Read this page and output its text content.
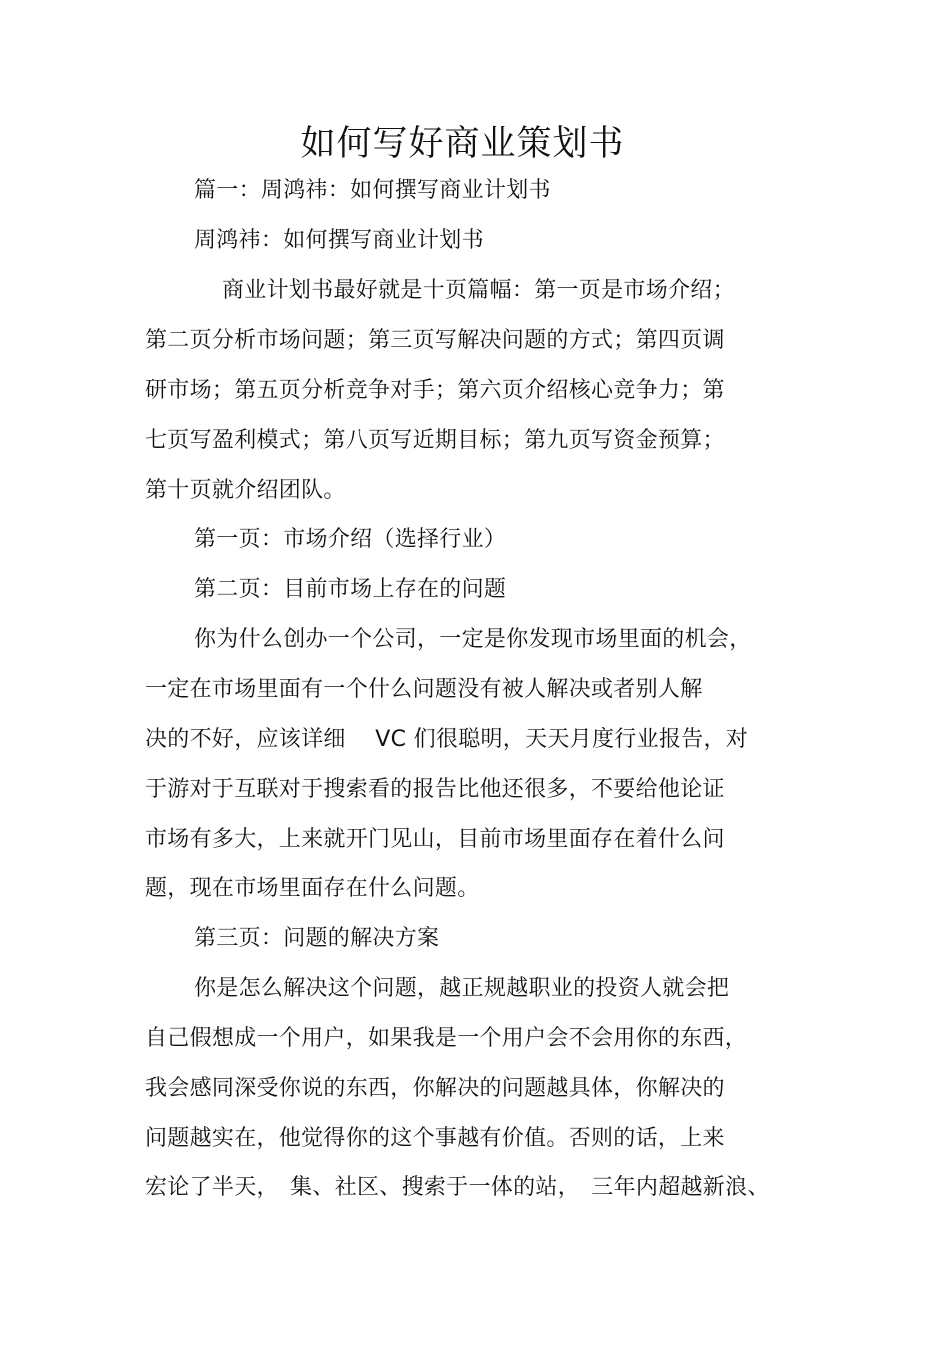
如何写好商业策划书
篇一：周鸿祎：如何撰写商业计划书
周鸿祎：如何撰写商业计划书
商业计划书最好就是十页篇幅：第一页是市场介绍；
第二页分析市场问题；第三页写解决问题的方式；第四页调
研市场；第五页分析竞争对手；第六页介绍核心竞争力；第
七页写盈利模式；第八页写近期目标；第九页写资金预算；
第十页就介绍团队。
第一页：市场介绍（选择行业）
第二页：目前市场上存在的问题
你为什么创办一个公司，一定是你发现市场里面的机会，
一定在市场里面有一个什么问题没有被人解决或者别人解
决的不好，应该详细　 VC 们很聪明，天天月度行业报告，对
于游对于互联对于搜索看的报告比他还很多，不要给他论证
市场有多大，上来就开门见山，目前市场里面存在着什么问
题，现在市场里面存在什么问题。
第三页：问题的解决方案
你是怎么解决这个问题，越正规越职业的投资人就会把
自己假想成一个用户，如果我是一个用户会不会用你的东西，
我会感同深受你说的东西，你解决的问题越具体，你解决的
问题越实在，他觉得你的这个事越有价值。否则的话，上来
宏论了半天，　集、社区、搜索于一体的站，　三年内超越新浪、
